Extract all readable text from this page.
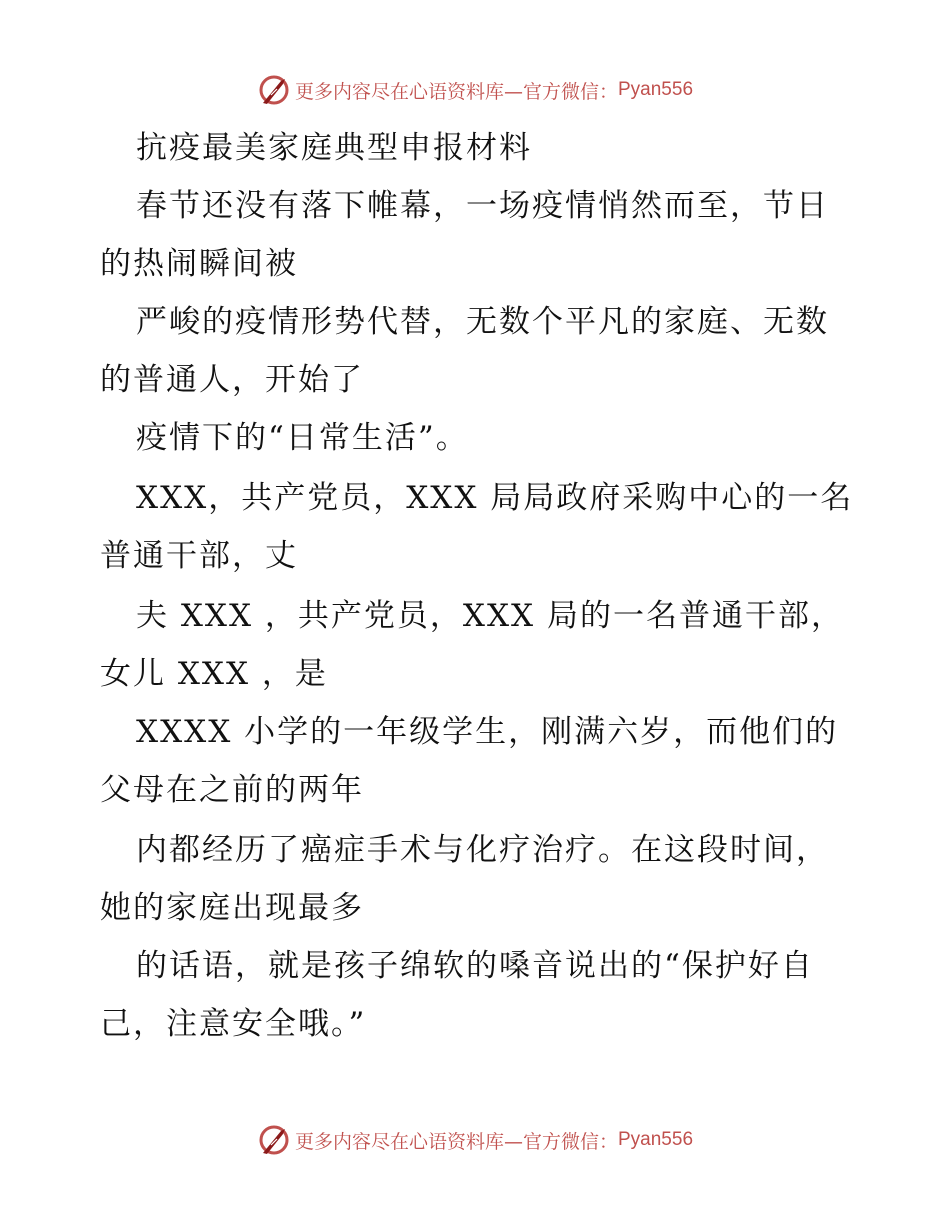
更多内容尽在心语资料库—官方微信： Pyan556
抗疫最美家庭典型申报材料
春节还没有落下帷幕，一场疫情悄然而至，节日
的热闹瞬间被
严峻的疫情形势代替，无数个平凡的家庭、无数
的普通人，开始了
疫情下的“日常生活”。
XXX，共产党员，XXX 局局政府采购中心的一名
普通干部，丈
夫 XXX ，共产党员，XXX 局的一名普通干部，
女儿 XXX ，是
XXXX 小学的一年级学生，刚满六岁，而他们的
父母在之前的两年
内都经历了癌症手术与化疗治疗。在这段时间，
她的家庭出现最多
的话语，就是孩子绵软的嗓音说出的“保护好自
己，注意安全哦。”
更多内容尽在心语资料库—官方微信： Pyan556
